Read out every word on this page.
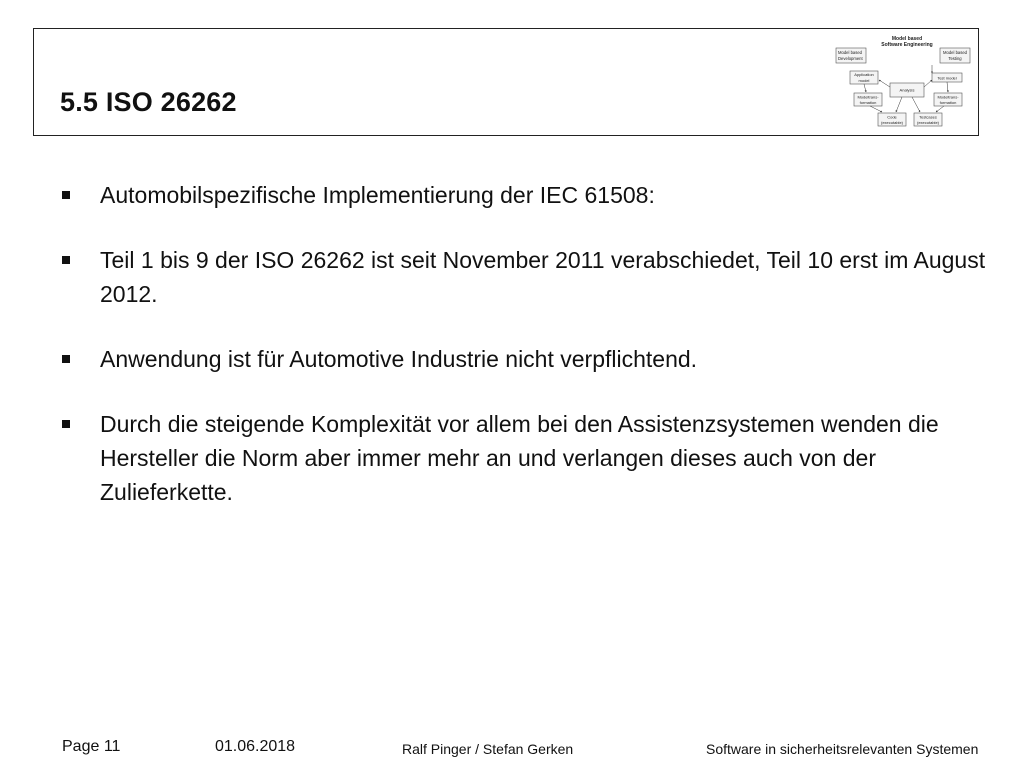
5.5 ISO 26262
Model based
Software Engineering
Model based
Development
Model based
Testing
Application
model	Test model
Analysis
Modeltrans-
formation
Modeltrans-
formation
Code
(executable)
Testcases
(executable)
Automobilspezifische Implementierung der IEC 61508:
Teil 1 bis 9 der ISO 26262 ist seit November 2011 verabschiedet, Teil 10 erst im August 2012.
Anwendung ist für Automotive Industrie nicht verpflichtend.
Durch die steigende Komplexität vor allem bei den Assistenzsystemen wenden die Hersteller die Norm aber immer mehr an und verlangen dieses auch von der Zulieferkette.
Page 11	01.06.2018	Ralf Pinger / Stefan Gerken	Software in sicherheitsrelevanten Systemen
